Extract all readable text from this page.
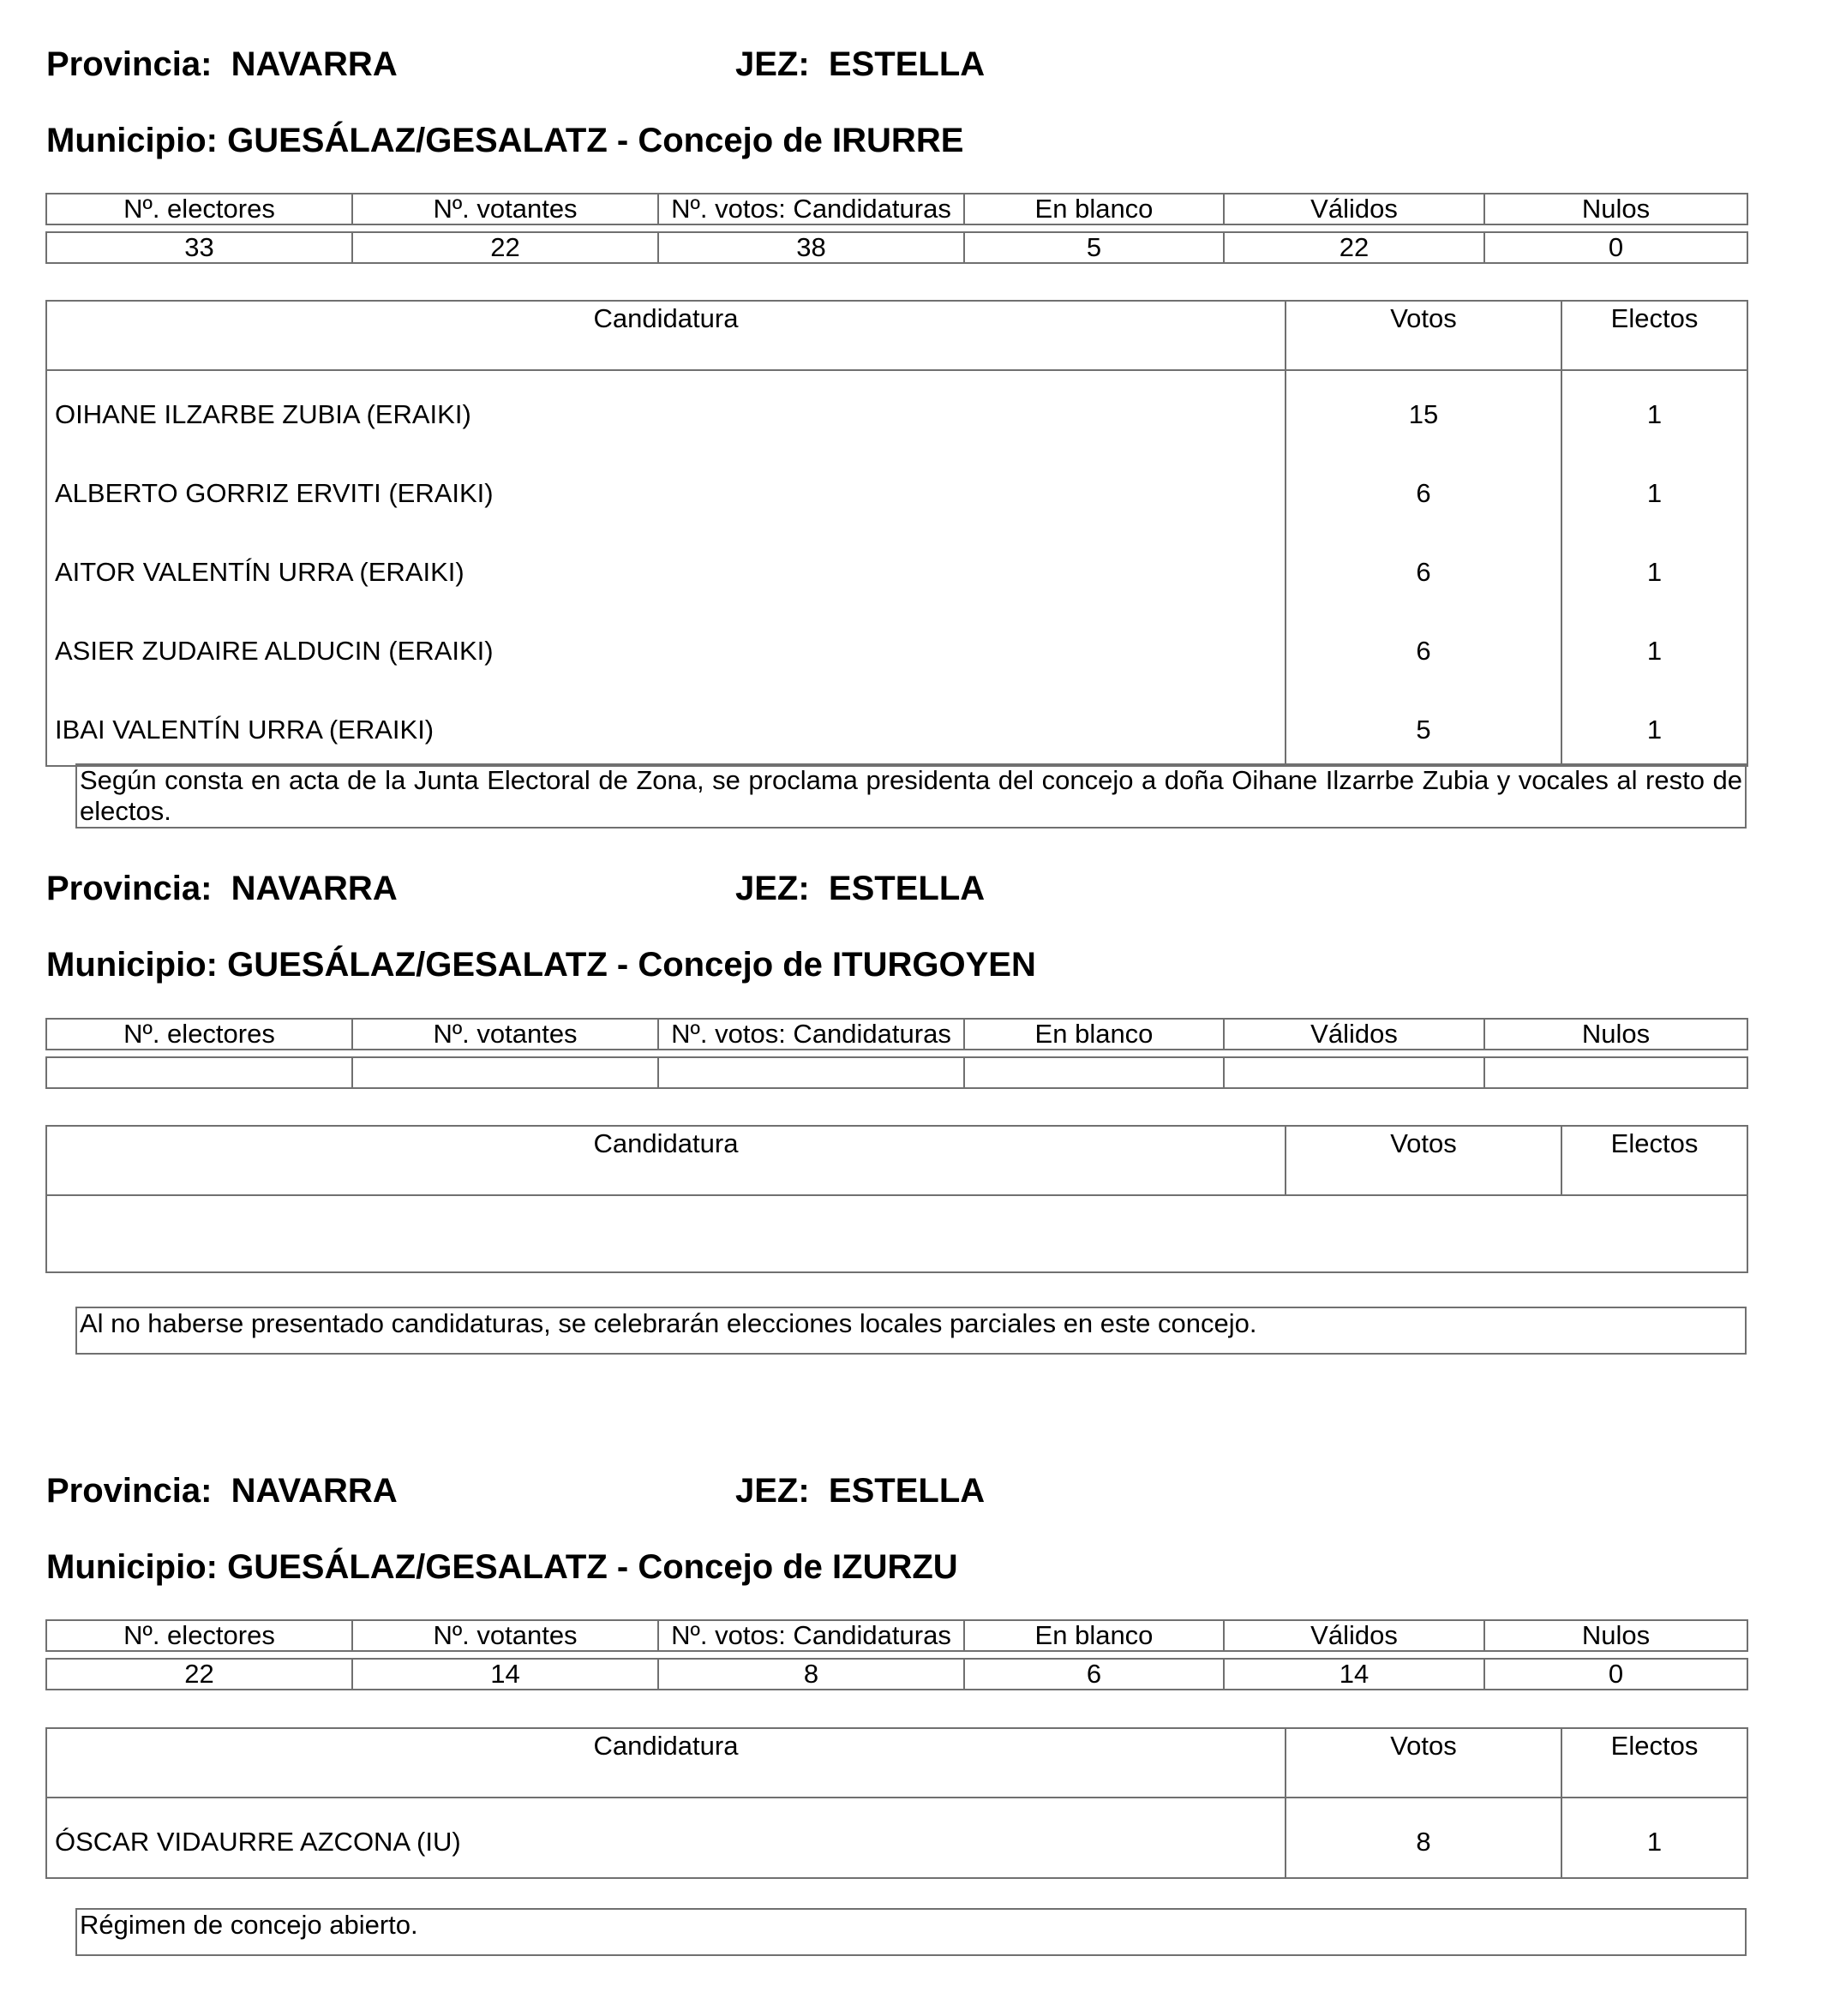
Provincia: NAVARRA	JEZ: ESTELLA
Municipio: GUESÁLAZ/GESALATZ - Concejo de IRURRE
Nº. electores	Nº. votantes	Nº. votos: Candidaturas	En blanco	Válidos	Nulos

33	22	38	5	22	0
Candidatura	Votos	Electos
OIHANE ILZARBE ZUBIA (ERAIKI)	15	1
ALBERTO GORRIZ ERVITI (ERAIKI)	6	1
AITOR VALENTÍN URRA (ERAIKI)	6	1
ASIER ZUDAIRE ALDUCIN (ERAIKI)	6	1
IBAI VALENTÍN URRA (ERAIKI)	5	1
Según consta en acta de la Junta Electoral de Zona, se proclama presidenta del concejo a doña Oihane Ilzarrbe Zubia y vocales al resto de electos.
Provincia: NAVARRA	JEZ: ESTELLA
Municipio: GUESÁLAZ/GESALATZ - Concejo de ITURGOYEN
Nº. electores	Nº. votantes	Nº. votos: Candidaturas	En blanco	Válidos	Nulos

Candidatura	Votos	Electos

Al no haberse presentado candidaturas, se celebrarán elecciones locales parciales en este concejo.
Provincia: NAVARRA	JEZ: ESTELLA
Municipio: GUESÁLAZ/GESALATZ - Concejo de IZURZU
Nº. electores	Nº. votantes	Nº. votos: Candidaturas	En blanco	Válidos	Nulos

22	14	8	6	14	0
Candidatura	Votos	Electos
ÓSCAR VIDAURRE AZCONA (IU)	8	1
Régimen de concejo abierto.
